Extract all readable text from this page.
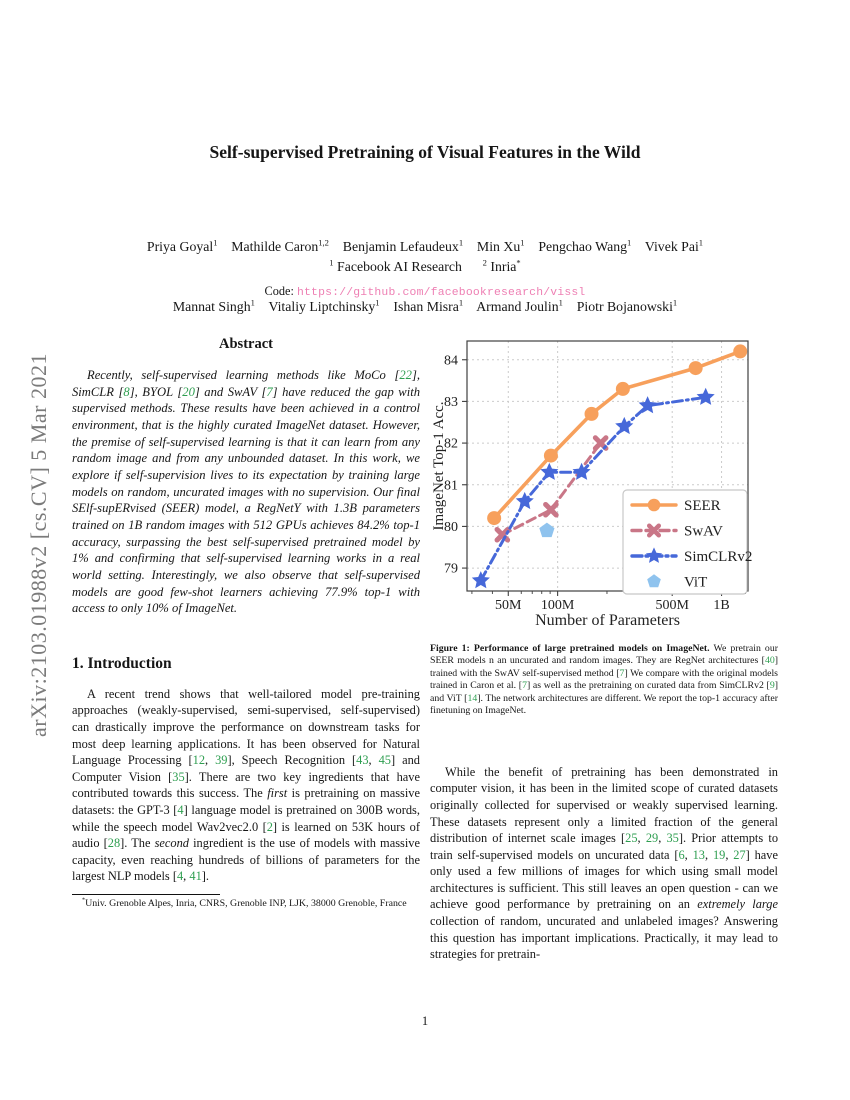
arXiv:2103.01988v2 [cs.CV] 5 Mar 2021
Self-supervised Pretraining of Visual Features in the Wild

Priya Goyal$^1$    Mathilde Caron$^{1,2}$    Benjamin Lefaudeux$^1$    Min Xu$^1$    Pengchao Wang$^1$    Vivek Pai$^1$

Mannat Singh$^1$    Vitaliy Liptchinsky$^1$    Ishan Misra$^1$    Armand Joulin$^1$    Piotr Bojanowski$^1$

$^1$ Facebook AI Research      $^2$ Inria*
Code: https://github.com/facebookresearch/vissl
Abstract

Recently, self-supervised learning methods like MoCo [22], SimCLR [8], BYOL [20] and SwAV [7] have reduced the gap with supervised methods. These results have been achieved in a control environment, that is the highly curated ImageNet dataset. However, the premise of self-supervised learning is that it can learn from any random image and from any unbounded dataset. In this work, we explore if self-supervision lives to its expectation by training large models on random, uncurated images with no supervision. Our final SElf-supERvised (SEER) model, a RegNetY with 1.3B parameters trained on 1B random images with 512 GPUs achieves 84.2% top-1 accuracy, surpassing the best self-supervised pretrained model by 1% and confirming that self-supervised learning works in a real world setting. Interestingly, we also observe that self-supervised models are good few-shot learners achieving 77.9% top-1 with access to only 10% of ImageNet.

1. Introduction

A recent trend shows that well-tailored model pre-training approaches (weakly-supervised, semi-supervised, self-supervised) can drastically improve the performance on downstream tasks for most deep learning applications. It has been observed for Natural Language Processing [12, 39], Speech Recognition [43, 45] and Computer Vision [35]. There are two key ingredients that have contributed towards this success. The first is pretraining on massive datasets: the GPT-3 [4] language model is pretrained on 300B words, while the speech model Wav2vec2.0 [2] is learned on 53K hours of audio [28]. The second ingredient is the use of models with massive capacity, even reaching hundreds of billions of parameters for the largest NLP models [4, 41].

*Univ. Grenoble Alpes, Inria, CNRS, Grenoble INP, LJK, 38000 Grenoble, France

50M 100M	500M 1B
79
80
81
82
83
84
Number of Parameters
ImageNet Top-1 Acc.	SEER
SwAV
SimCLRv2
ViT
Figure 1: Performance of large pretrained models on ImageNet. We pretrain our SEER models n an uncurated and random images. They are RegNet architectures [40] trained with the SwAV self-supervised method [7] We compare with the original models trained in Caron et al. [7] as well as the pretraining on curated data from SimCLRv2 [9] and ViT [14]. The network architectures are different. We report the top-1 accuracy after finetuning on ImageNet.

While the benefit of pretraining has been demonstrated in computer vision, it has been in the limited scope of curated datasets originally collected for supervised or weakly supervised learning. These datasets represent only a limited fraction of the general distribution of internet scale images [25, 29, 35]. Prior attempts to train self-supervised models on uncurated data [6, 13, 19, 27] have only used a few millions of images for which using small model architectures is sufficient. This still leaves an open question - can we achieve good performance by pretraining on an extremely large collection of random, uncurated and unlabeled images? Answering this question has important implications. Practically, it may lead to strategies for pretrain-

1
